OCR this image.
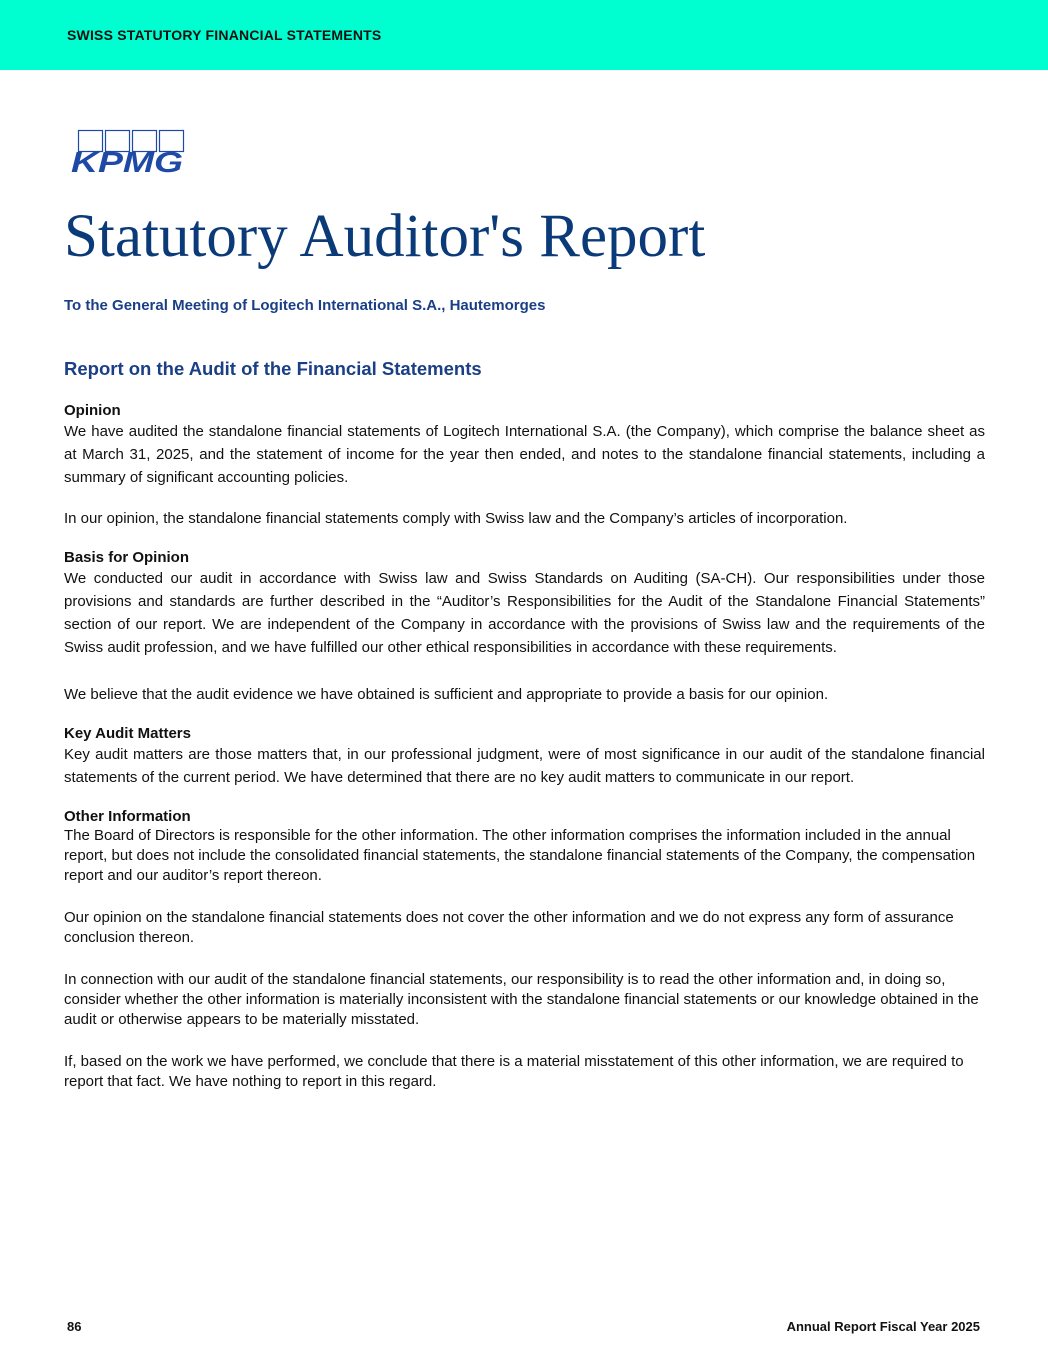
SWISS STATUTORY FINANCIAL STATEMENTS
KPMG
Statutory Auditor's Report
To the General Meeting of Logitech International S.A., Hautemorges
Report on the Audit of the Financial Statements
Opinion

We have audited the standalone financial statements of Logitech International S.A. (the Company), which comprise the balance sheet as at March 31, 2025, and the statement of income for the year then ended, and notes to the standalone financial statements, including a summary of significant accounting policies.

In our opinion, the standalone financial statements comply with Swiss law and the Company’s articles of incorporation.

Basis for Opinion

We conducted our audit in accordance with Swiss law and Swiss Standards on Auditing (SA-CH). Our responsibilities under those provisions and standards are further described in the “Auditor’s Responsibilities for the Audit of the Standalone Financial Statements” section of our report. We are independent of the Company in accordance with the provisions of Swiss law and the requirements of the Swiss audit profession, and we have fulfilled our other ethical responsibilities in accordance with these requirements.

We believe that the audit evidence we have obtained is sufficient and appropriate to provide a basis for our opinion.

Key Audit Matters

Key audit matters are those matters that, in our professional judgment, were of most significance in our audit of the standalone financial statements of the current period. We have determined that there are no key audit matters to communicate in our report.

Other Information

The Board of Directors is responsible for the other information. The other information comprises the information included in the annual report, but does not include the consolidated financial statements, the standalone financial statements of the Company, the compensation report and our auditor’s report thereon.

Our opinion on the standalone financial statements does not cover the other information and we do not express any form of assurance conclusion thereon.

In connection with our audit of the standalone financial statements, our responsibility is to read the other information and, in doing so, consider whether the other information is materially inconsistent with the standalone financial statements or our knowledge obtained in the audit or otherwise appears to be materially misstated.

If, based on the work we have performed, we conclude that there is a material misstatement of this other information, we are required to report that fact. We have nothing to report in this regard.

86	Annual Report Fiscal Year 2025
